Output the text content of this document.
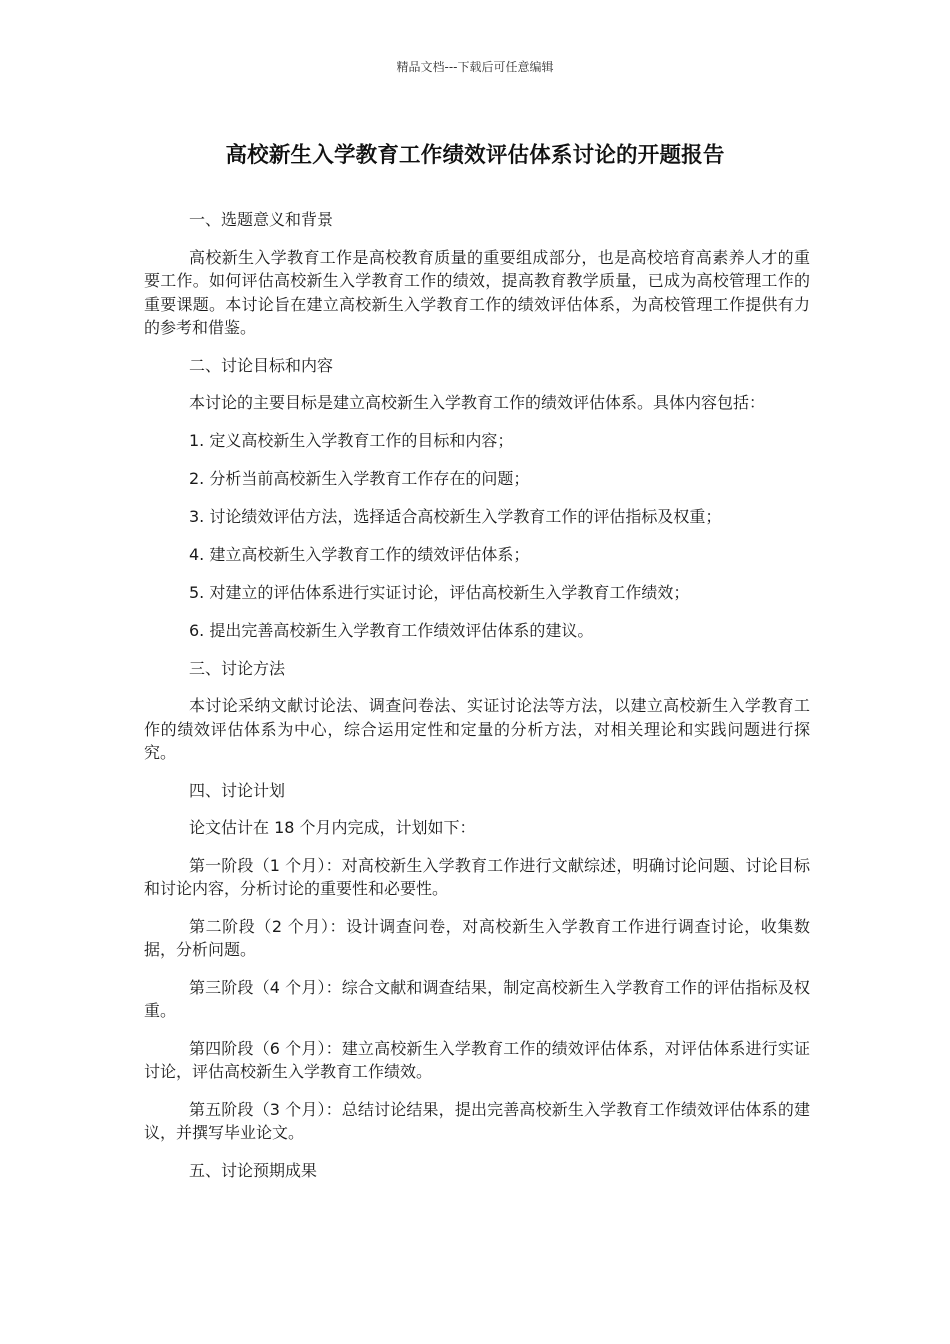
精品文档---下载后可任意编辑
高校新生入学教育工作绩效评估体系讨论的开题报告

一、选题意义和背景

高校新生入学教育工作是高校教育质量的重要组成部分，也是高校培育高素养人才的重要工作。如何评估高校新生入学教育工作的绩效，提高教育教学质量，已成为高校管理工作的重要课题。本讨论旨在建立高校新生入学教育工作的绩效评估体系，为高校管理工作提供有力的参考和借鉴。

二、讨论目标和内容

本讨论的主要目标是建立高校新生入学教育工作的绩效评估体系。具体内容包括：

1. 定义高校新生入学教育工作的目标和内容；

2. 分析当前高校新生入学教育工作存在的问题；

3. 讨论绩效评估方法，选择适合高校新生入学教育工作的评估指标及权重；

4. 建立高校新生入学教育工作的绩效评估体系；

5. 对建立的评估体系进行实证讨论，评估高校新生入学教育工作绩效；

6. 提出完善高校新生入学教育工作绩效评估体系的建议。

三、讨论方法

本讨论采纳文献讨论法、调查问卷法、实证讨论法等方法，以建立高校新生入学教育工作的绩效评估体系为中心，综合运用定性和定量的分析方法，对相关理论和实践问题进行探究。

四、讨论计划

论文估计在 18 个月内完成，计划如下：

第一阶段（1 个月）：对高校新生入学教育工作进行文献综述，明确讨论问题、讨论目标和讨论内容，分析讨论的重要性和必要性。

第二阶段（2 个月）：设计调查问卷，对高校新生入学教育工作进行调查讨论，收集数据，分析问题。

第三阶段（4 个月）：综合文献和调查结果，制定高校新生入学教育工作的评估指标及权重。

第四阶段（6 个月）：建立高校新生入学教育工作的绩效评估体系，对评估体系进行实证讨论，评估高校新生入学教育工作绩效。

第五阶段（3 个月）：总结讨论结果，提出完善高校新生入学教育工作绩效评估体系的建议，并撰写毕业论文。

五、讨论预期成果
